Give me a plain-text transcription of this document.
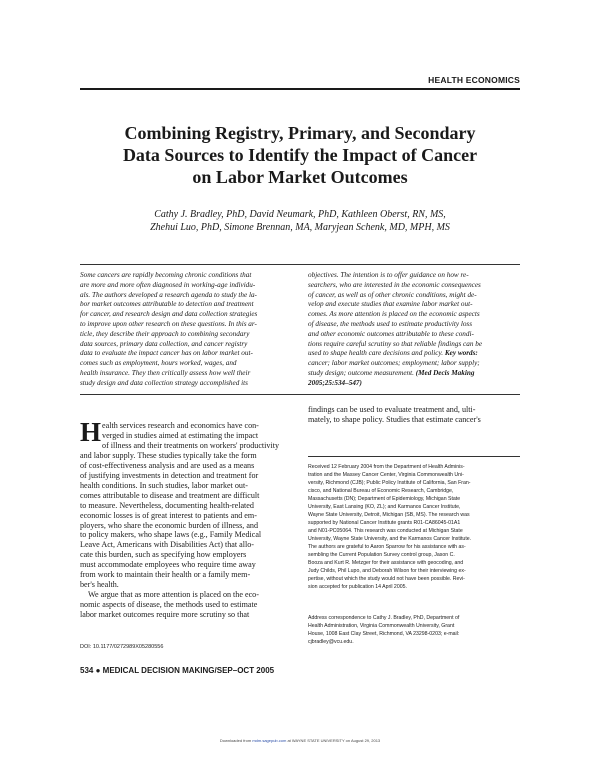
HEALTH ECONOMICS
Combining Registry, Primary, and Secondary
Data Sources to Identify the Impact of Cancer
on Labor Market Outcomes
Cathy J. Bradley, PhD, David Neumark, PhD, Kathleen Oberst, RN, MS,
Zhehui Luo, PhD, Simone Brennan, MA, Maryjean Schenk, MD, MPH, MS
Some cancers are rapidly becoming chronic conditions that
are more and more often diagnosed in working-age individu-
als. The authors developed a research agenda to study the la-
bor market outcomes attributable to detection and treatment
for cancer, and research design and data collection strategies
to improve upon other research on these questions. In this ar-
ticle, they describe their approach to combining secondary
data sources, primary data collection, and cancer registry
data to evaluate the impact cancer has on labor market out-
comes such as employment, hours worked, wages, and
health insurance. They then critically assess how well their
study design and data collection strategy accomplished its
objectives. The intention is to offer guidance on how re-
searchers, who are interested in the economic consequences
of cancer, as well as of other chronic conditions, might de-
velop and execute studies that examine labor market out-
comes. As more attention is placed on the economic aspects
of disease, the methods used to estimate productivity loss
and other economic outcomes attributable to these condi-
tions require careful scrutiny so that reliable findings can be
used to shape health care decisions and policy. Key words:
cancer; labor market outcomes; employment; labor supply;
study design; outcome measurement. (Med Decis Making
2005;25:534–547)
H ealth services research and economics have con-
verged in studies aimed at estimating the impact
of illness and their treatments on workers' productivity
and labor supply. These studies typically take the form
of cost-effectiveness analysis and are used as a means
of justifying investments in detection and treatment for
health conditions. In such studies, labor market out-
comes attributable to disease and treatment are difficult
to measure. Nevertheless, documenting health-related
economic losses is of great interest to patients and em-
ployers, who share the economic burden of illness, and
to policy makers, who shape laws (e.g., Family Medical
Leave Act, Americans with Disabilities Act) that allo-
cate this burden, such as specifying how employers
must accommodate employees who require time away
from work to maintain their health or a family mem-
ber's health.
We argue that as more attention is placed on the eco-
nomic aspects of disease, the methods used to estimate
labor market outcomes require more scrutiny so that
DOI: 10.1177/0272989X05280556
534 ● MEDICAL DECISION MAKING/SEP–OCT 2005
findings can be used to evaluate treatment and, ulti-
mately, to shape policy. Studies that estimate cancer's
Received 12 February 2004 from the Department of Health Adminis-
tration and the Massey Cancer Center, Virginia Commonwealth Uni-
versity, Richmond (CJB); Public Policy Institute of California, San Fran-
cisco, and National Bureau of Economic Research, Cambridge,
Massachusetts (DN); Department of Epidemiology, Michigan State
University, East Lansing (KO, ZL); and Karmanos Cancer Institute,
Wayne State University, Detroit, Michigan (SB, MS). The research was
supported by National Cancer Institute grants R01-CA86045-01A1
and N01-PC05064. This research was conducted at Michigan State
University, Wayne State University, and the Karmanos Cancer Institute.
The authors are grateful to Aaron Sparrow for his assistance with as-
sembling the Current Population Survey control group, Jason C.
Booza and Kurt R. Metzger for their assistance with geocoding, and
Judy Childs, Phil Lupo, and Deborah Wilson for their interviewing ex-
pertise, without which the study would not have been possible. Revi-
sion accepted for publication 14 April 2005.
Address correspondence to Cathy J. Bradley, PhD, Department of
Health Administration, Virginia Commonwealth University, Grant
House, 1008 East Clay Street, Richmond, VA 23298-0203; e-mail:
cjbradley@vcu.edu.
Downloaded from mdm.sagepub.com at WAYNE STATE UNIVERSITY on August 29, 2013
